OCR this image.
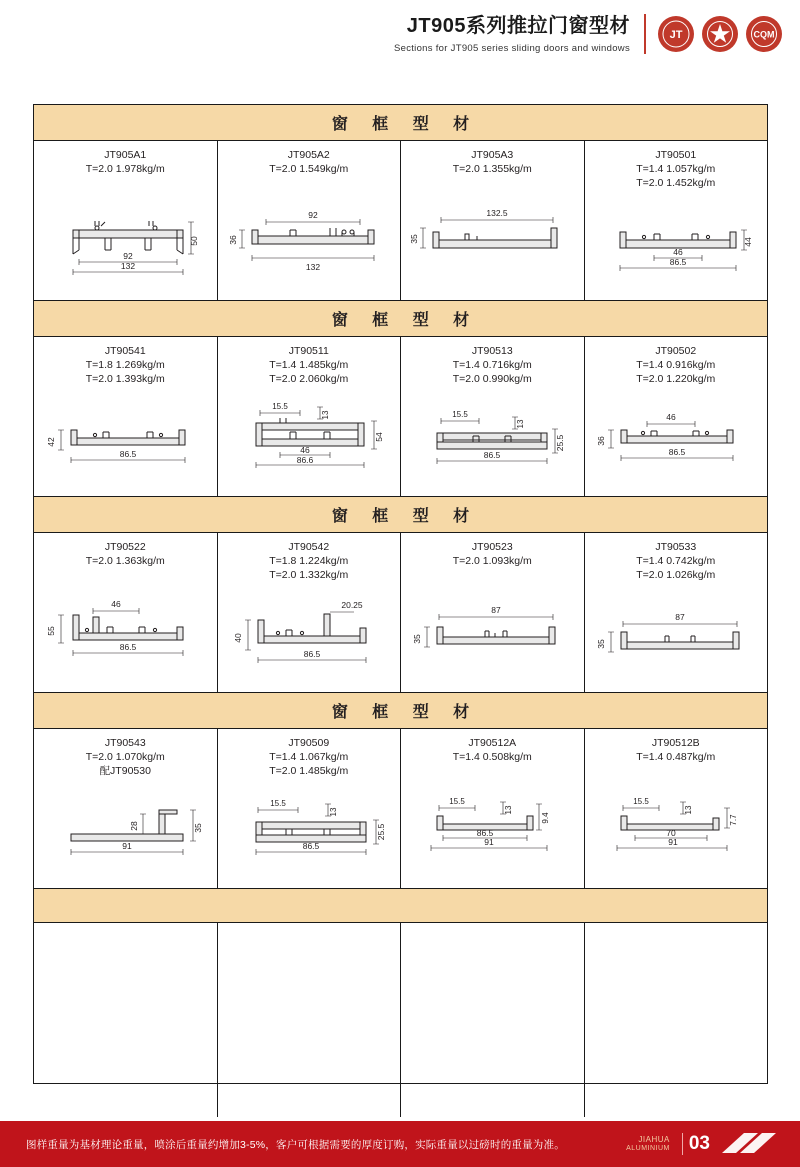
JT905系列推拉门窗型材
Sections for JT905 series sliding doors and windows
JT	CQM
窗 框 型 材
JT905A1
T=2.0 1.978kg/m
50
92
132
JT905A2
T=2.0 1.549kg/m
92
36
132
JT905A3
T=2.0 1.355kg/m
132.5
35
JT90501
T=1.4 1.057kg/m
T=2.0 1.452kg/m
44
46
86.5
窗 框 型 材
JT90541
T=1.8 1.269kg/m
T=2.0 1.393kg/m
42
86.5
JT90511
T=1.4 1.485kg/m
T=2.0 2.060kg/m
15.5
13
54
46
86.6
JT90513
T=1.4 0.716kg/m
T=2.0 0.990kg/m
15.5
13
25.5
86.5
JT90502
T=1.4 0.916kg/m
T=2.0 1.220kg/m
46
36
86.5
窗 框 型 材
JT90522
T=2.0 1.363kg/m
46
55
86.5
JT90542
T=1.8 1.224kg/m
T=2.0 1.332kg/m
40
20.25
86.5
JT90523
T=2.0 1.093kg/m
87
35
JT90533
T=1.4 0.742kg/m
T=2.0 1.026kg/m
87
35
窗 框 型 材
JT90543
T=2.0 1.070kg/m
配JT90530
28	35
91
JT90509
T=1.4 1.067kg/m
T=2.0 1.485kg/m
15.5
13
25.5
86.5
JT90512A
T=1.4 0.508kg/m
15.5
13
9.4
86.5
91
JT90512B
T=1.4 0.487kg/m
15.5
13
7.7
70
91
图样重量为基材理论重量，喷涂后重量约增加3-5%，客户可根据需要的厚度订购，实际重量以过磅时的重量为准。	JIAHUA
ALUMINIUM	03
